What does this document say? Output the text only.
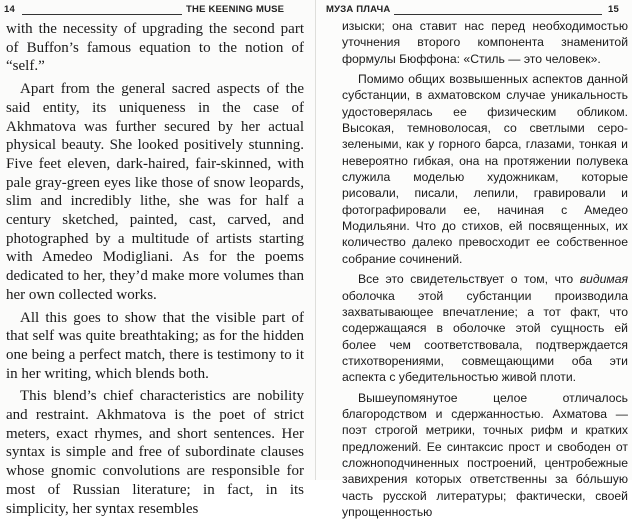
14	THE KEENING MUSE

with the necessity of upgrading the second part of Buffon’s famous equation to the notion of “self.”

Apart from the general sacred aspects of the said entity, its uniqueness in the case of Akhmatova was further secured by her actual physical beauty. She looked positively stunning. Five feet eleven, dark-haired, fair-skinned, with pale gray-green eyes like those of snow leopards, slim and incredibly lithe, she was for half a century sketched, painted, cast, carved, and photographed by a multitude of artists starting with Amedeo Modigliani. As for the poems dedicated to her, they’d make more volumes than her own collected works.

All this goes to show that the visible part of that self was quite breathtaking; as for the hidden one being a perfect match, there is testimony to it in her writing, which blends both.

This blend’s chief characteristics are nobility and restraint. Akhmatova is the poet of strict meters, exact rhymes, and short sentences. Her syntax is simple and free of subordinate clauses whose gnomic convolutions are responsible for most of Russian literature; in fact, in its simplicity, her syntax resembles

МУЗА ПЛАЧА	15

изыски; она ставит нас перед необходимостью уточнения второго компонента знаменитой формулы Бюффона: «Стиль — это человек».

Помимо общих возвышенных аспектов данной субстанции, в ахматовском случае уникальность удостоверялась ее физическим обликом. Высокая, темноволосая, со светлыми серо-зелеными, как у горного барса, глазами, тонкая и невероятно гибкая, она на протяжении полувека служила моделью художникам, которые рисовали, писали, лепили, гравировали и фотографировали ее, начиная с Амедео Модильяни. Что до стихов, ей посвященных, их количество далеко превосходит ее собственное собрание сочинений.

Все это свидетельствует о том, что видимая оболочка этой субстанции производила захватывающее впечатление; а тот факт, что содержащаяся в оболочке этой сущность ей более чем соответствовала, подтверждается стихотворениями, совмещающими оба эти аспекта с убедительностью живой плоти.

Вышеупомянутое целое отличалось благородством и сдержанностью. Ахматова — поэт строгой метрики, точных рифм и кратких предложений. Ее синтаксис прост и свободен от сложноподчиненных построений, центробежные завихрения которых ответственны за бóльшую часть русской литературы; фактически, своей упрощенностью
